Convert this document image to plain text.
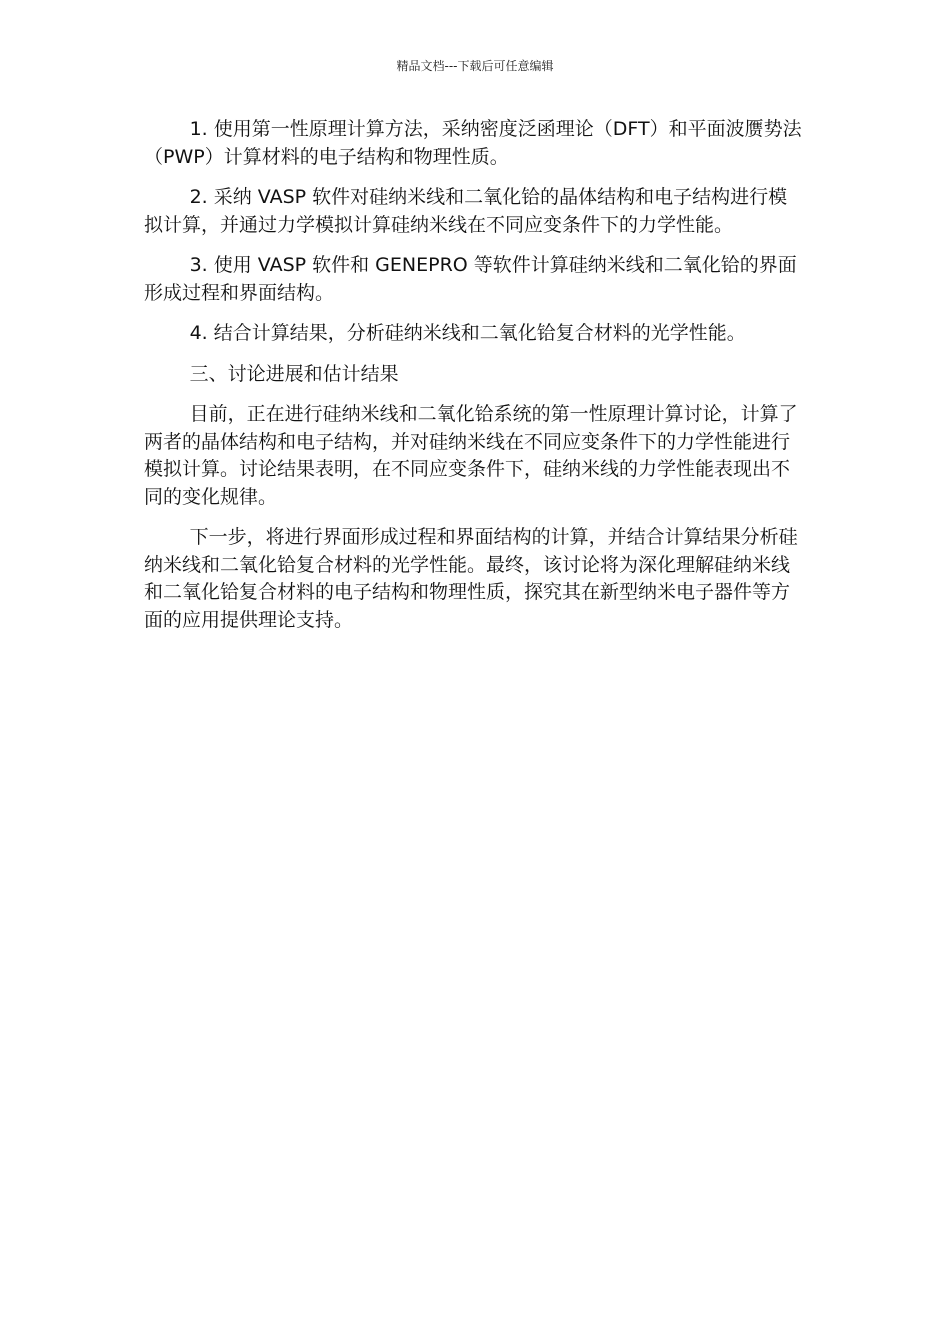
精品文档---下载后可任意编辑

1. 使用第一性原理计算方法，采纳密度泛函理论（DFT）和平面波赝势法（PWP）计算材料的电子结构和物理性质。

2. 采纳 VASP 软件对硅纳米线和二氧化铪的晶体结构和电子结构进行模拟计算，并通过力学模拟计算硅纳米线在不同应变条件下的力学性能。

3. 使用 VASP 软件和 GENEPRO 等软件计算硅纳米线和二氧化铪的界面形成过程和界面结构。

4. 结合计算结果，分析硅纳米线和二氧化铪复合材料的光学性能。

三、讨论进展和估计结果

目前，正在进行硅纳米线和二氧化铪系统的第一性原理计算讨论，计算了两者的晶体结构和电子结构，并对硅纳米线在不同应变条件下的力学性能进行模拟计算。讨论结果表明，在不同应变条件下，硅纳米线的力学性能表现出不同的变化规律。

下一步，将进行界面形成过程和界面结构的计算，并结合计算结果分析硅纳米线和二氧化铪复合材料的光学性能。最终，该讨论将为深化理解硅纳米线和二氧化铪复合材料的电子结构和物理性质，探究其在新型纳米电子器件等方面的应用提供理论支持。
